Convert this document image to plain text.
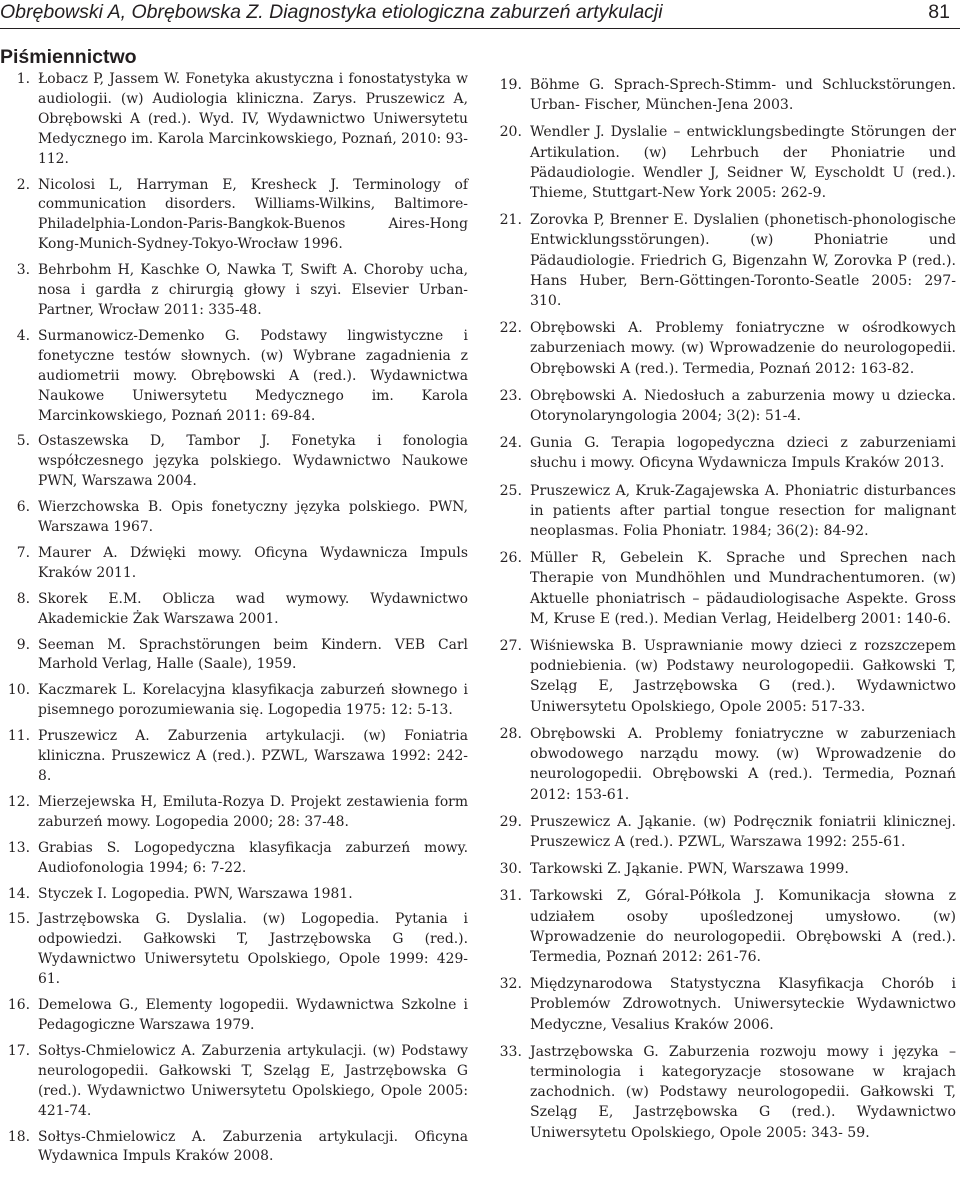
Obrębowski A, Obrębowska Z. Diagnostyka etiologiczna zaburzeń artykulacji	81
Piśmiennictwo
1. Łobacz P, Jassem W. Fonetyka akustyczna i fonostatystyka w audiologii. (w) Audiologia kliniczna. Zarys. Pruszewicz A, Obrębowski A (red.). Wyd. IV, Wydawnictwo Uniwersytetu Medycznego im. Karola Marcinkowskiego, Poznań, 2010: 93-112.
2. Nicolosi L, Harryman E, Kresheck J. Terminology of communication disorders. Williams-Wilkins, Baltimore-Philadelphia-London-Paris-Bangkok-Buenos Aires-Hong Kong-Munich-Sydney-Tokyo-Wrocław 1996.
3. Behrbohm H, Kaschke O, Nawka T, Swift A. Choroby ucha, nosa i gardła z chirurgią głowy i szyi. Elsevier Urban-Partner, Wrocław 2011: 335-48.
4. Surmanowicz-Demenko G. Podstawy lingwistyczne i fonetyczne testów słownych. (w) Wybrane zagadnienia z audiometrii mowy. Obrębowski A (red.). Wydawnictwa Naukowe Uniwersytetu Medycznego im. Karola Marcinkowskiego, Poznań 2011: 69-84.
5. Ostaszewska D, Tambor J. Fonetyka i fonologia współczesnego języka polskiego. Wydawnictwo Naukowe PWN, Warszawa 2004.
6. Wierzchowska B. Opis fonetyczny języka polskiego. PWN, Warszawa 1967.
7. Maurer A. Dźwięki mowy. Oficyna Wydawnicza Impuls Kraków 2011.
8. Skorek E.M. Oblicza wad wymowy. Wydawnictwo Akademickie Żak Warszawa 2001.
9. Seeman M. Sprachstörungen beim Kindern. VEB Carl Marhold Verlag, Halle (Saale), 1959.
10. Kaczmarek L. Korelacyjna klasyfikacja zaburzeń słownego i pisemnego porozumiewania się. Logopedia 1975: 12: 5-13.
11. Pruszewicz A. Zaburzenia artykulacji. (w) Foniatria kliniczna. Pruszewicz A (red.). PZWL, Warszawa 1992: 242-8.
12. Mierzejewska H, Emiluta-Rozya D. Projekt zestawienia form zaburzeń mowy. Logopedia 2000; 28: 37-48.
13. Grabias S. Logopedyczna klasyfikacja zaburzeń mowy. Audiofonologia 1994; 6: 7-22.
14. Styczek I. Logopedia. PWN, Warszawa 1981.
15. Jastrzębowska G. Dyslalia. (w) Logopedia. Pytania i odpowiedzi. Gałkowski T, Jastrzębowska G (red.). Wydawnictwo Uniwersytetu Opolskiego, Opole 1999: 429-61.
16. Demelowa G., Elementy logopedii. Wydawnictwa Szkolne i Pedagogiczne Warszawa 1979.
17. Sołtys-Chmielowicz A. Zaburzenia artykulacji. (w) Podstawy neurologopedii. Gałkowski T, Szeląg E, Jastrzębowska G (red.). Wydawnictwo Uniwersytetu Opolskiego, Opole 2005: 421-74.
18. Sołtys-Chmielowicz A. Zaburzenia artykulacji. Oficyna Wydawnica Impuls Kraków 2008.
19. Böhme G. Sprach-Sprech-Stimm- und Schluckstörungen. Urban- Fischer, München-Jena 2003.
20. Wendler J. Dyslalie – entwicklungsbedingte Störungen der Artikulation. (w) Lehrbuch der Phoniatrie und Pädaudiologie. Wendler J, Seidner W, Eyscholdt U (red.). Thieme, Stuttgart-New York 2005: 262-9.
21. Zorovka P, Brenner E. Dyslalien (phonetisch-phonologische Entwicklungsstörungen). (w) Phoniatrie und Pädaudiologie. Friedrich G, Bigenzahn W, Zorovka P (red.). Hans Huber, Bern-Göttingen-Toronto-Seatle 2005: 297-310.
22. Obrębowski A. Problemy foniatryczne w ośrodkowych zaburzeniach mowy. (w) Wprowadzenie do neurologopedii. Obrębowski A (red.). Termedia, Poznań 2012: 163-82.
23. Obrębowski A. Niedosłuch a zaburzenia mowy u dziecka. Otorynolaryngologia 2004; 3(2): 51-4.
24. Gunia G. Terapia logopedyczna dzieci z zaburzeniami słuchu i mowy. Oficyna Wydawnicza Impuls Kraków 2013.
25. Pruszewicz A, Kruk-Zagajewska A. Phoniatric disturbances in patients after partial tongue resection for malignant neoplasmas. Folia Phoniatr. 1984; 36(2): 84-92.
26. Müller R, Gebelein K. Sprache und Sprechen nach Therapie von Mundhöhlen und Mundrachentumoren. (w) Aktuelle phoniatrisch – pädaudiologisache Aspekte. Gross M, Kruse E (red.). Median Verlag, Heidelberg 2001: 140-6.
27. Wiśniewska B. Usprawnianie mowy dzieci z rozszczepem podniebienia. (w) Podstawy neurologopedii. Gałkowski T, Szeląg E, Jastrzębowska G (red.). Wydawnictwo Uniwersytetu Opolskiego, Opole 2005: 517-33.
28. Obrębowski A. Problemy foniatryczne w zaburzeniach obwodowego narządu mowy. (w) Wprowadzenie do neurologopedii. Obrębowski A (red.). Termedia, Poznań 2012: 153-61.
29. Pruszewicz A. Jąkanie. (w) Podręcznik foniatrii klinicznej. Pruszewicz A (red.). PZWL, Warszawa 1992: 255-61.
30. Tarkowski Z. Jąkanie. PWN, Warszawa 1999.
31. Tarkowski Z, Góral-Półkola J. Komunikacja słowna z udziałem osoby upośledzonej umysłowo. (w) Wprowadzenie do neurologopedii. Obrębowski A (red.). Termedia, Poznań 2012: 261-76.
32. Międzynarodowa Statystyczna Klasyfikacja Chorób i Problemów Zdrowotnych. Uniwersyteckie Wydawnictwo Medyczne, Vesalius Kraków 2006.
33. Jastrzębowska G. Zaburzenia rozwoju mowy i języka – terminologia i kategoryzacje stosowane w krajach zachodnich. (w) Podstawy neurologopedii. Gałkowski T, Szeląg E, Jastrzębowska G (red.). Wydawnictwo Uniwersytetu Opolskiego, Opole 2005: 343- 59.
